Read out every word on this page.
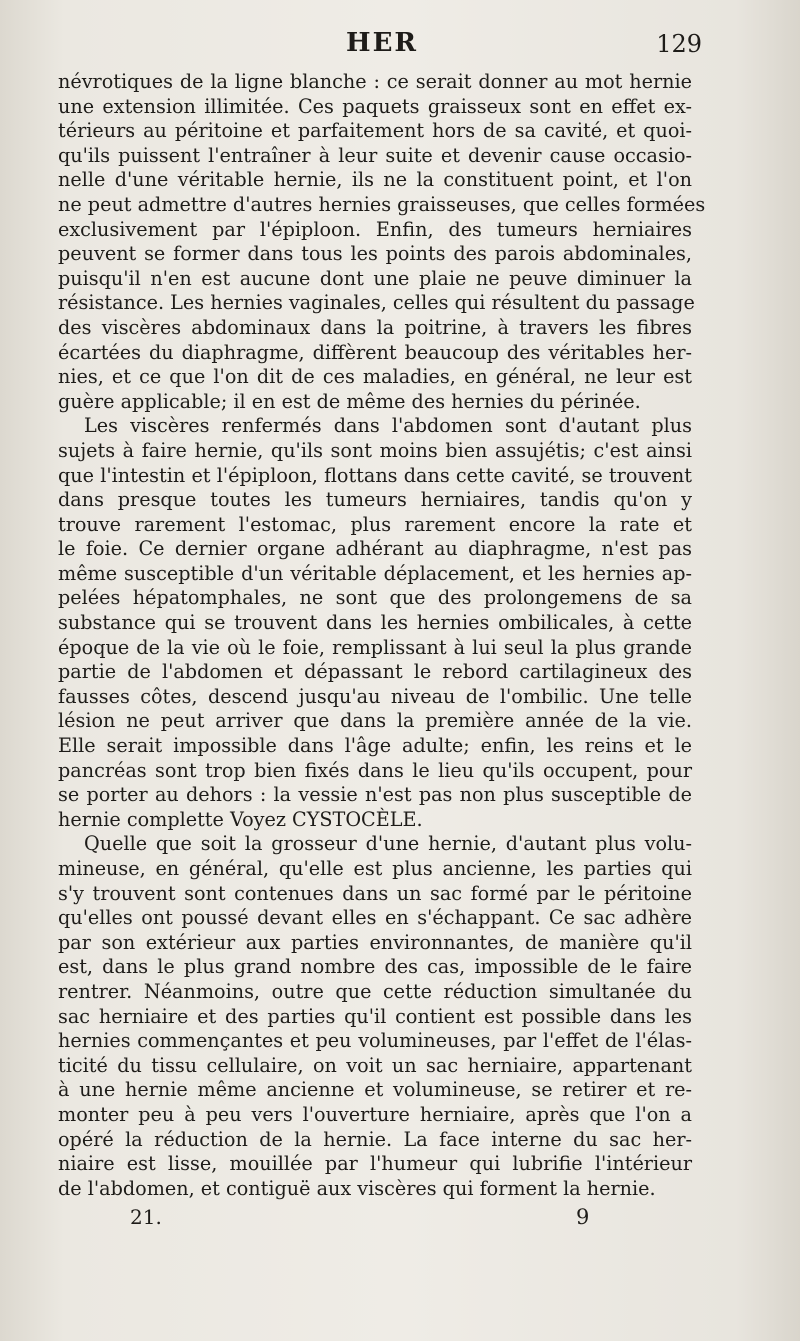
HER	129
névrotiques de la ligne blanche : ce serait donner au mot hernie
une extension illimitée. Ces paquets graisseux sont en effet ex-
térieurs au péritoine et parfaitement hors de sa cavité, et quoi-
qu'ils puissent l'entraîner à leur suite et devenir cause occasio-
nelle d'une véritable hernie, ils ne la constituent point, et l'on
ne peut admettre d'autres hernies graisseuses, que celles formées
exclusivement par l'épiploon. Enfin, des tumeurs herniaires
peuvent se former dans tous les points des parois abdominales,
puisqu'il n'en est aucune dont une plaie ne peuve diminuer la
résistance. Les hernies vaginales, celles qui résultent du passage
des viscères abdominaux dans la poitrine, à travers les fibres
écartées du diaphragme, diffèrent beaucoup des véritables her-
nies, et ce que l'on dit de ces maladies, en général, ne leur est
guère applicable; il en est de même des hernies du périnée.
Les viscères renfermés dans l'abdomen sont d'autant plus
sujets à faire hernie, qu'ils sont moins bien assujétis; c'est ainsi
que l'intestin et l'épiploon, flottans dans cette cavité, se trouvent
dans presque toutes les tumeurs herniaires, tandis qu'on y
trouve rarement l'estomac, plus rarement encore la rate et
le foie. Ce dernier organe adhérant au diaphragme, n'est pas
même susceptible d'un véritable déplacement, et les hernies ap-
pelées hépatomphales, ne sont que des prolongemens de sa
substance qui se trouvent dans les hernies ombilicales, à cette
époque de la vie où le foie, remplissant à lui seul la plus grande
partie de l'abdomen et dépassant le rebord cartilagineux des
fausses côtes, descend jusqu'au niveau de l'ombilic. Une telle
lésion ne peut arriver que dans la première année de la vie.
Elle serait impossible dans l'âge adulte; enfin, les reins et le
pancréas sont trop bien fixés dans le lieu qu'ils occupent, pour
se porter au dehors : la vessie n'est pas non plus susceptible de
hernie complette Voyez CYSTOCÈLE.
Quelle que soit la grosseur d'une hernie, d'autant plus volu-
mineuse, en général, qu'elle est plus ancienne, les parties qui
s'y trouvent sont contenues dans un sac formé par le péritoine
qu'elles ont poussé devant elles en s'échappant. Ce sac adhère
par son extérieur aux parties environnantes, de manière qu'il
est, dans le plus grand nombre des cas, impossible de le faire
rentrer. Néanmoins, outre que cette réduction simultanée du
sac herniaire et des parties qu'il contient est possible dans les
hernies commençantes et peu volumineuses, par l'effet de l'élas-
ticité du tissu cellulaire, on voit un sac herniaire, appartenant
à une hernie même ancienne et volumineuse, se retirer et re-
monter peu à peu vers l'ouverture herniaire, après que l'on a
opéré la réduction de la hernie. La face interne du sac her-
niaire est lisse, mouillée par l'humeur qui lubrifie l'intérieur
de l'abdomen, et contiguë aux viscères qui forment la hernie.
21.	9
